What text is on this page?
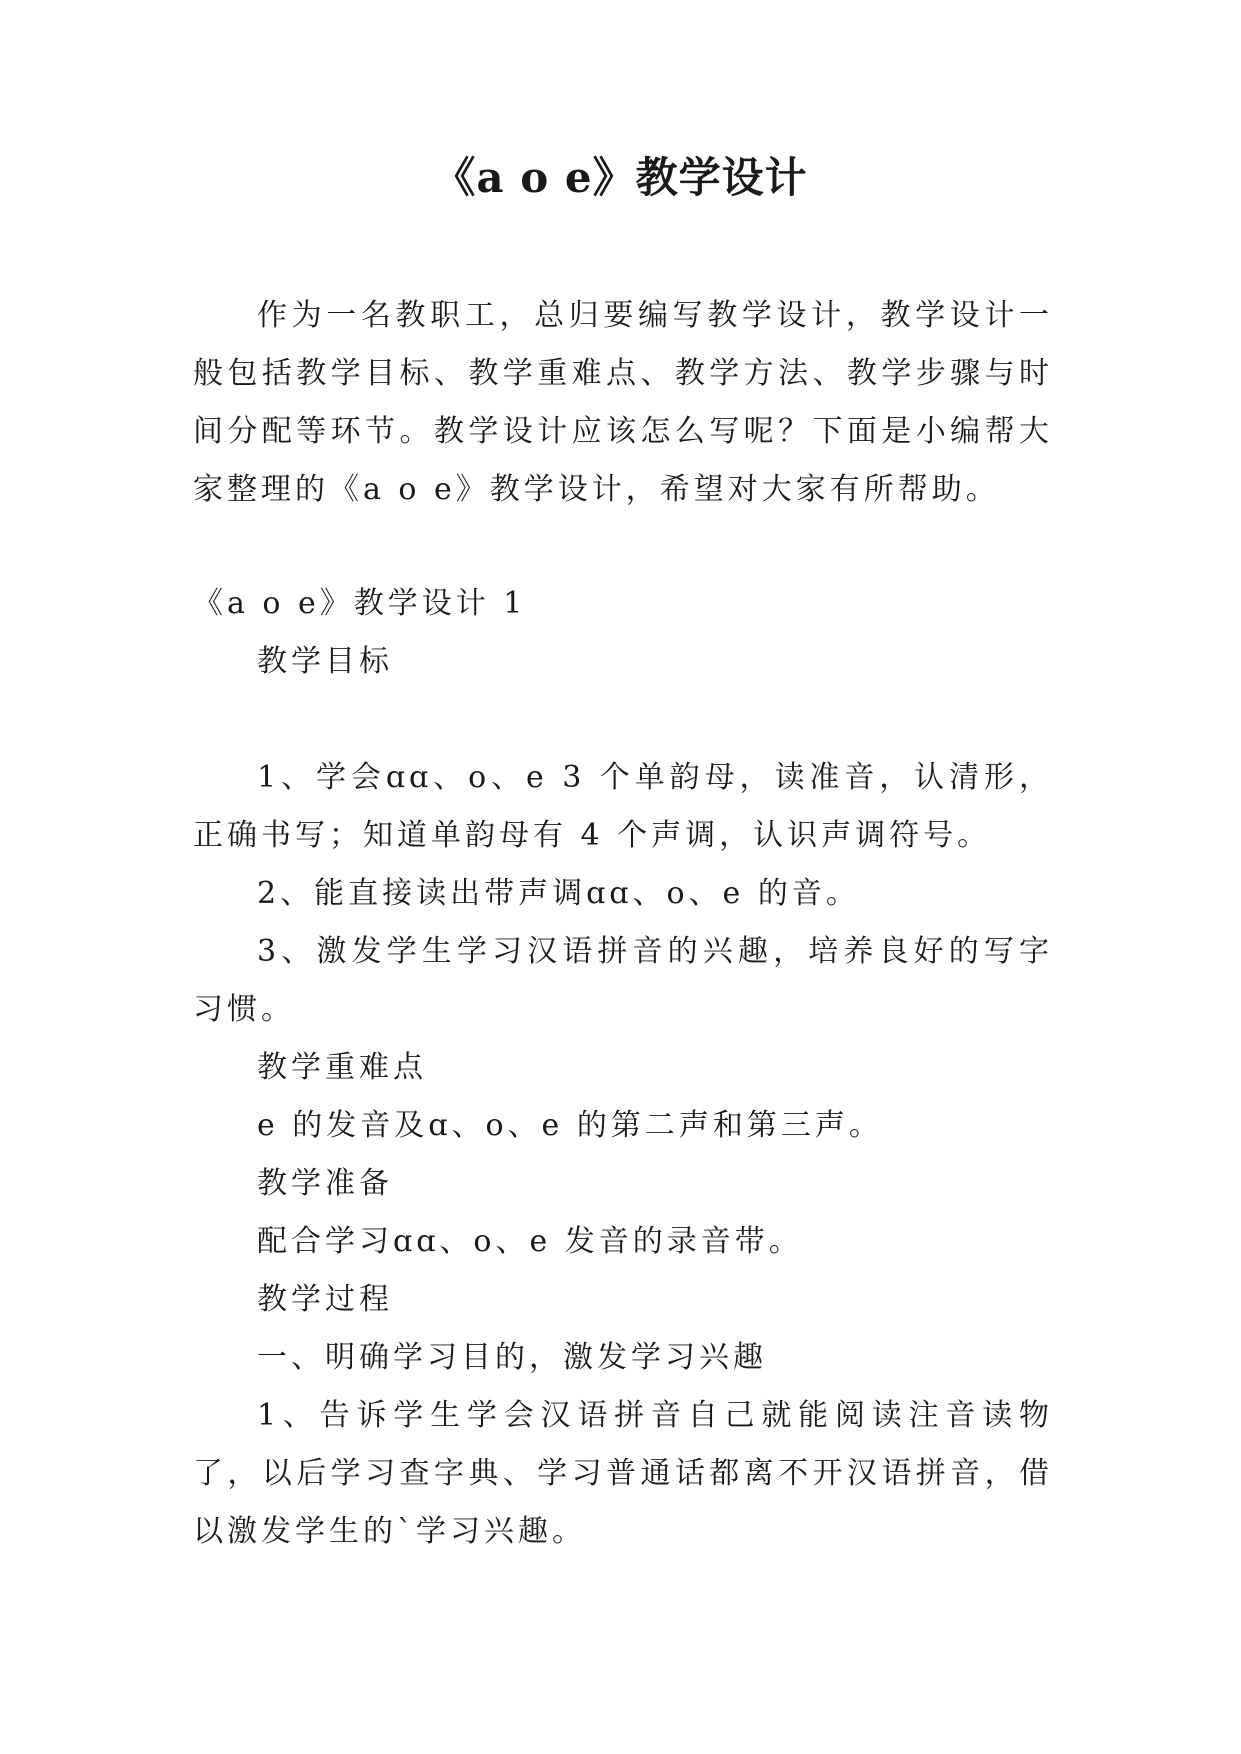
《a o e》教学设计

作为一名教职工，总归要编写教学设计，教学设计一般包括教学目标、教学重难点、教学方法、教学步骤与时间分配等环节。教学设计应该怎么写呢？下面是小编帮大家整理的《a o e》教学设计，希望对大家有所帮助。

《a o e》教学设计 1

教学目标

1、学会ɑɑ、o、e 3 个单韵母，读准音，认清形，正确书写；知道单韵母有 4 个声调，认识声调符号。

2、能直接读出带声调ɑɑ、o、e 的音。

3、激发学生学习汉语拼音的兴趣，培养良好的写字习惯。

教学重难点

e 的发音及ɑ、o、e 的第二声和第三声。

教学准备

配合学习ɑɑ、o、e 发音的录音带。

教学过程

一、明确学习目的，激发学习兴趣

1、告诉学生学会汉语拼音自己就能阅读注音读物了，以后学习查字典、学习普通话都离不开汉语拼音，借以激发学生的`学习兴趣。
